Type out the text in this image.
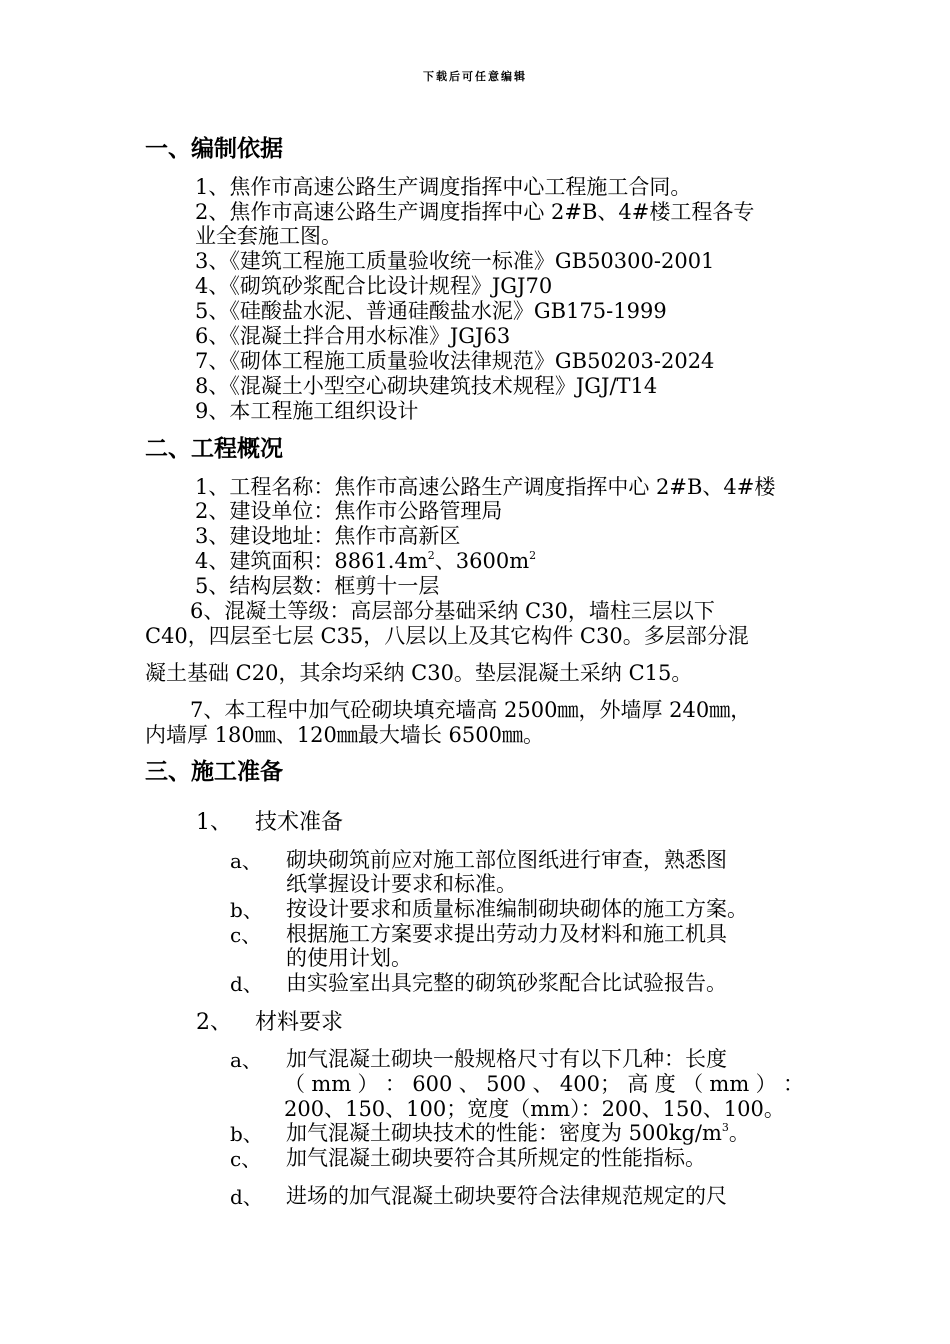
下载后可任意编辑
一、编制依据
1、焦作市高速公路生产调度指挥中心工程施工合同。
2、焦作市高速公路生产调度指挥中心 2#B、4#楼工程各专
业全套施工图。
3、《建筑工程施工质量验收统一标准》GB50300-2001
4、《砌筑砂浆配合比设计规程》JGJ70
5、《硅酸盐水泥、普通硅酸盐水泥》GB175-1999
6、《混凝土拌合用水标准》JGJ63
7、《砌体工程施工质量验收法律规范》GB50203-2024
8、《混凝土小型空心砌块建筑技术规程》JGJ/T14
9、本工程施工组织设计
二、工程概况
1、工程名称：焦作市高速公路生产调度指挥中心 2#B、4#楼
2、建设单位：焦作市公路管理局
3、建设地址：焦作市高新区
4、建筑面积：$8861.4m^2$、$3600m^2$
5、结构层数：框剪十一层
6、混凝土等级：高层部分基础采纳 C30，墙柱三层以下
C40，四层至七层 C35，八层以上及其它构件 C30。多层部分混
凝土基础 C20，其余均采纳 C30。垫层混凝土采纳 C15。
7、本工程中加气砼砌块填充墙高 2500㎜，外墙厚 240㎜，
内墙厚 180㎜、120㎜最大墙长 6500㎜。
三、施工准备
1、 技术准备
a、 砌块砌筑前应对施工部位图纸进行审查，熟悉图
纸掌握设计要求和标准。
b、 按设计要求和质量标准编制砌块砌体的施工方案。
c、 根据施工方案要求提出劳动力及材料和施工机具
的使用计划。
d、 由实验室出具完整的砌筑砂浆配合比试验报告。
2、 材料要求
a、 加气混凝土砌块一般规格尺寸有以下几种：长度
（ mm ） ： 600 、 500 、 400； 高 度 （ mm ） ：
200、150、100；宽度（mm）：200、150、100。
b、 加气混凝土砌块技术的性能：密度为 $500kg/m^3$。
c、 加气混凝土砌块要符合其所规定的性能指标。
d、 进场的加气混凝土砌块要符合法律规范规定的尺
